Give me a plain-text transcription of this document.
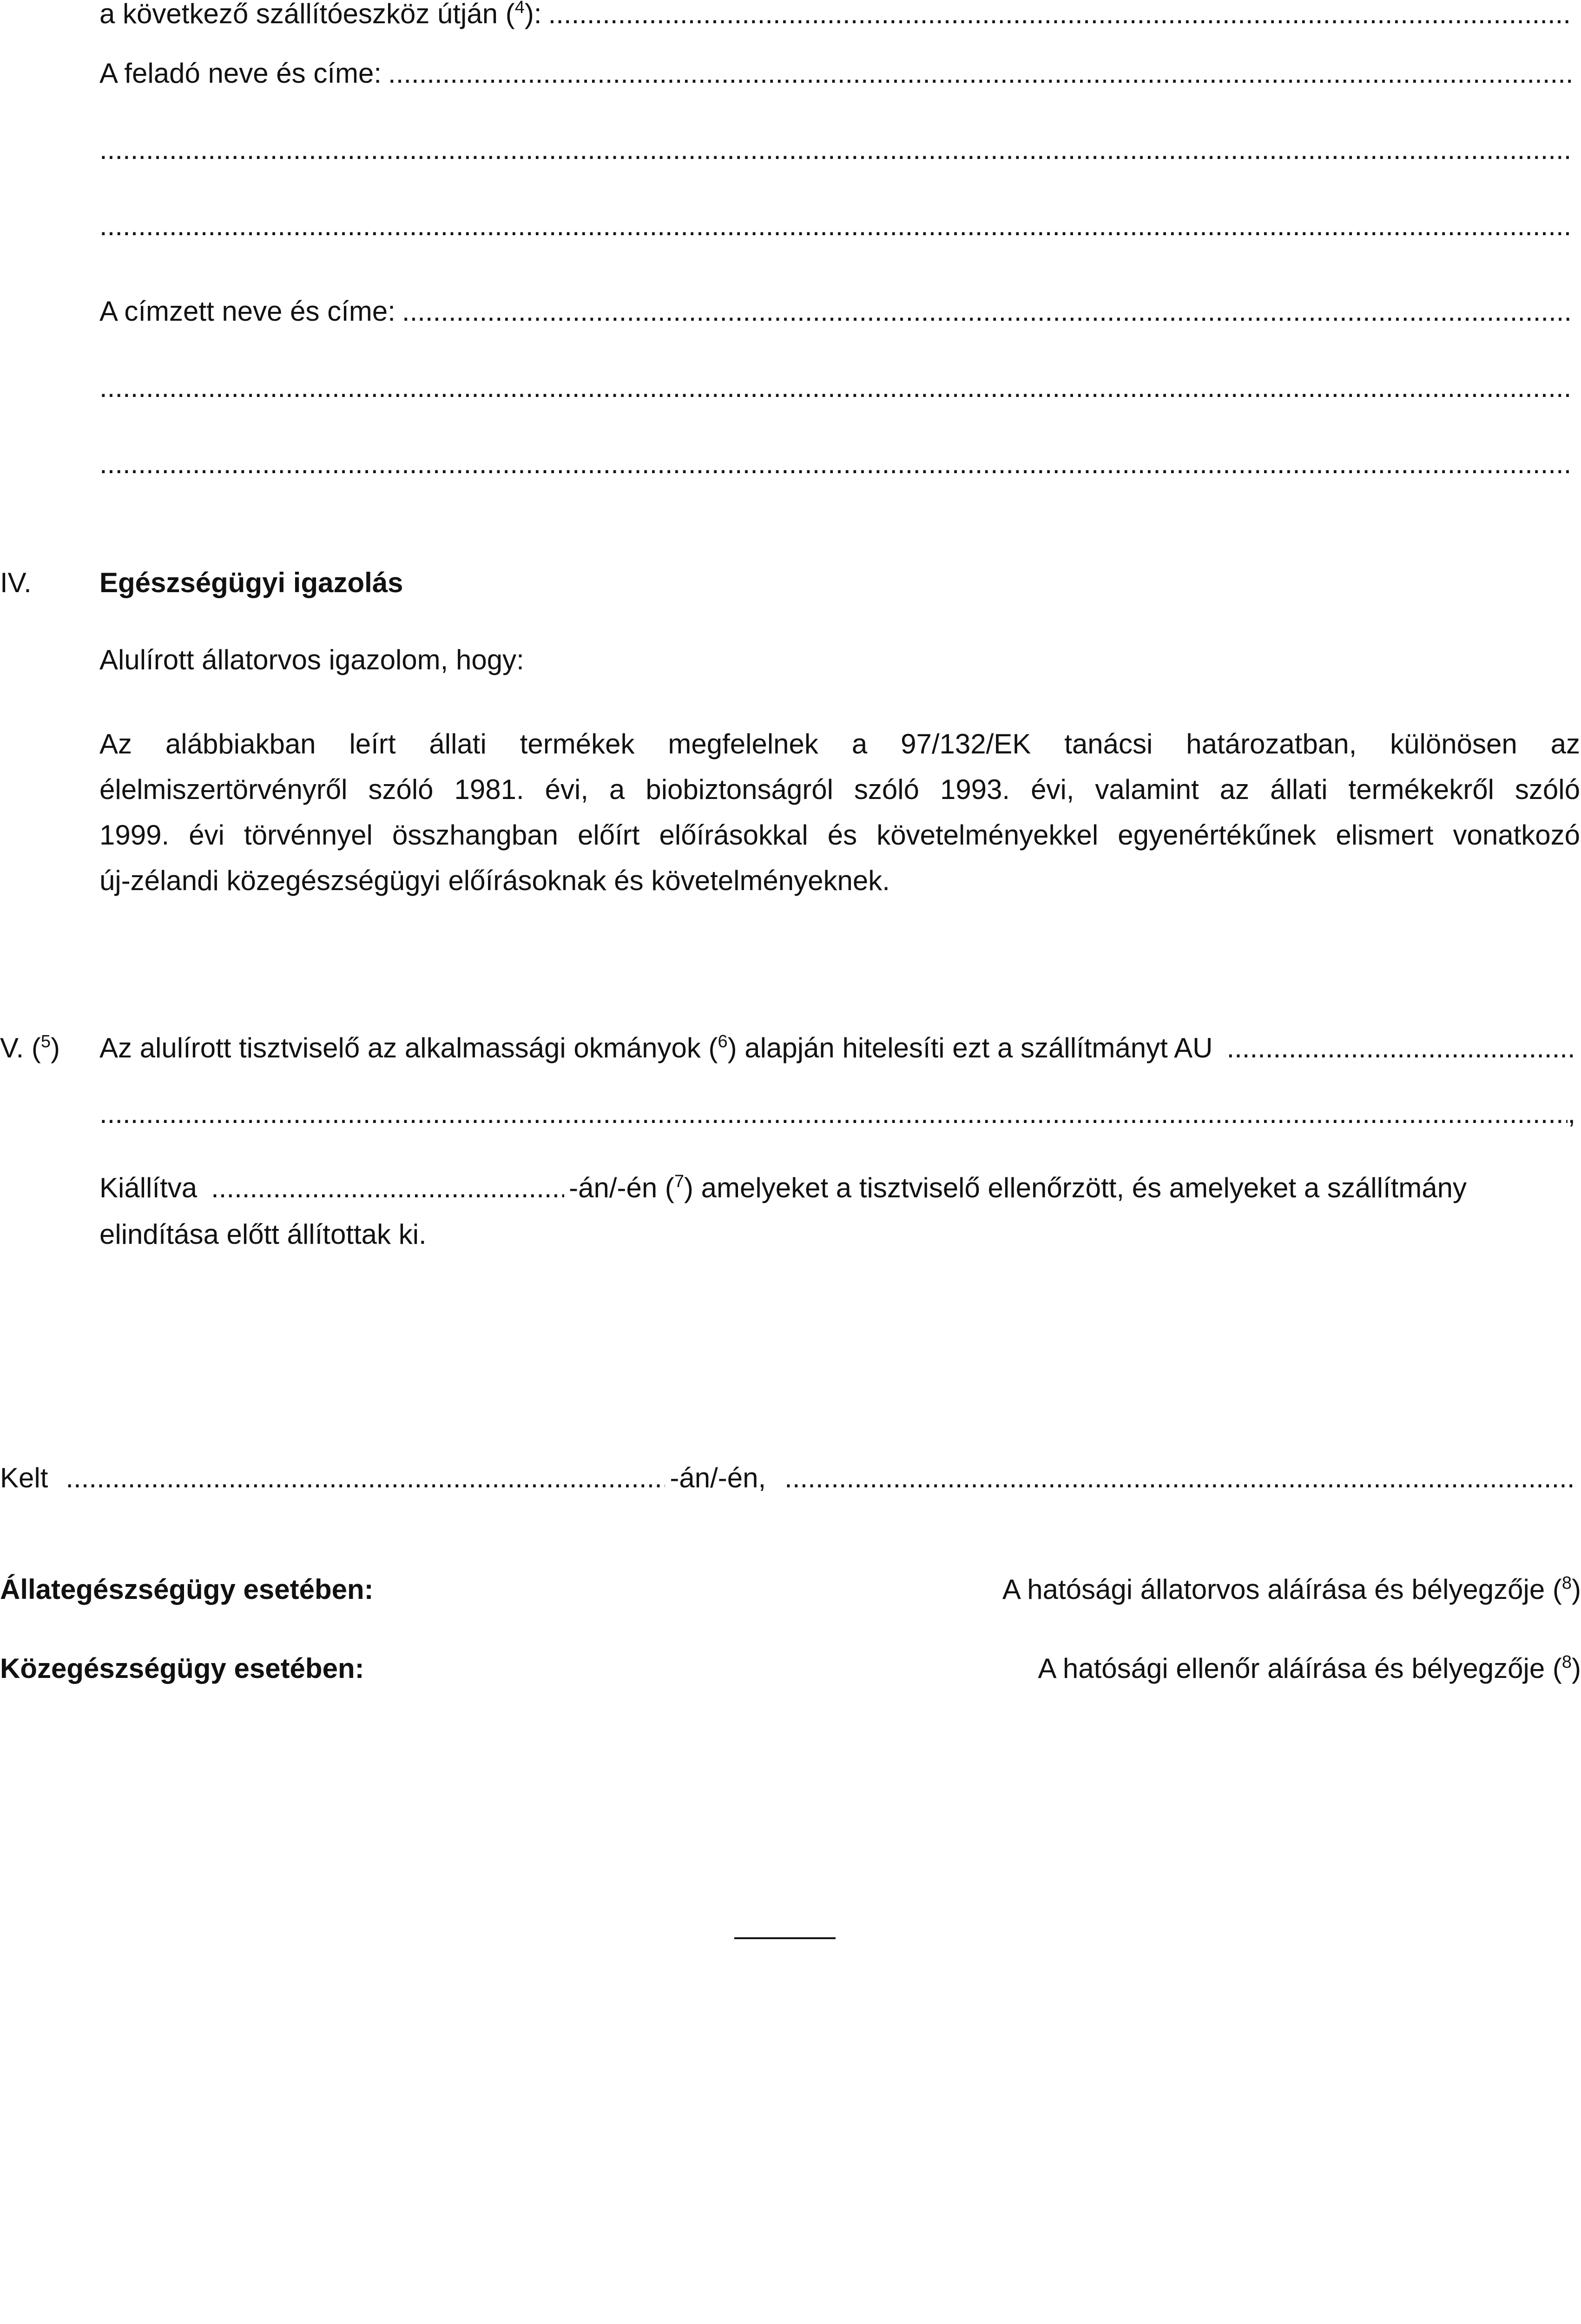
a következő szállítóeszköz útján ($^4$):
.....
A feladó neve és címe:
.....
.....
.....
A címzett neve és címe:
.....
.....
.....
IV. Egészségügyi igazolás
Alulírott állatorvos igazolom, hogy:
Az alábbiakban leírt állati termékek megfelelnek a 97/132/EK tanácsi határozatban, különösen az
élelmiszertörvényről szóló 1981. évi, a biobiztonságról szóló 1993. évi, valamint az állati termékekről szóló
1999. évi törvénnyel összhangban előírt előírásokkal és követelményekkel egyenértékűnek elismert vonatkozó
új-zélandi közegészségügyi előírásoknak és követelményeknek.
V. ($^5$) Az alulírott tisztviselő az alkalmassági okmányok ($^6$) alapján hitelesíti ezt a szállítmányt AU
.....
.....
,
Kiállítva .....	-án/-én ($^7$) amelyeket a tisztviselő ellenőrzött, és amelyeket a szállítmány
elindítása előtt állítottak ki.
Kelt .....	-án/-én,
.....
Állategészségügy esetében:	A hatósági állatorvos aláírása és bélyegzője ($^8$)
Közegészségügy esetében:	A hatósági ellenőr aláírása és bélyegzője ($^8$)
